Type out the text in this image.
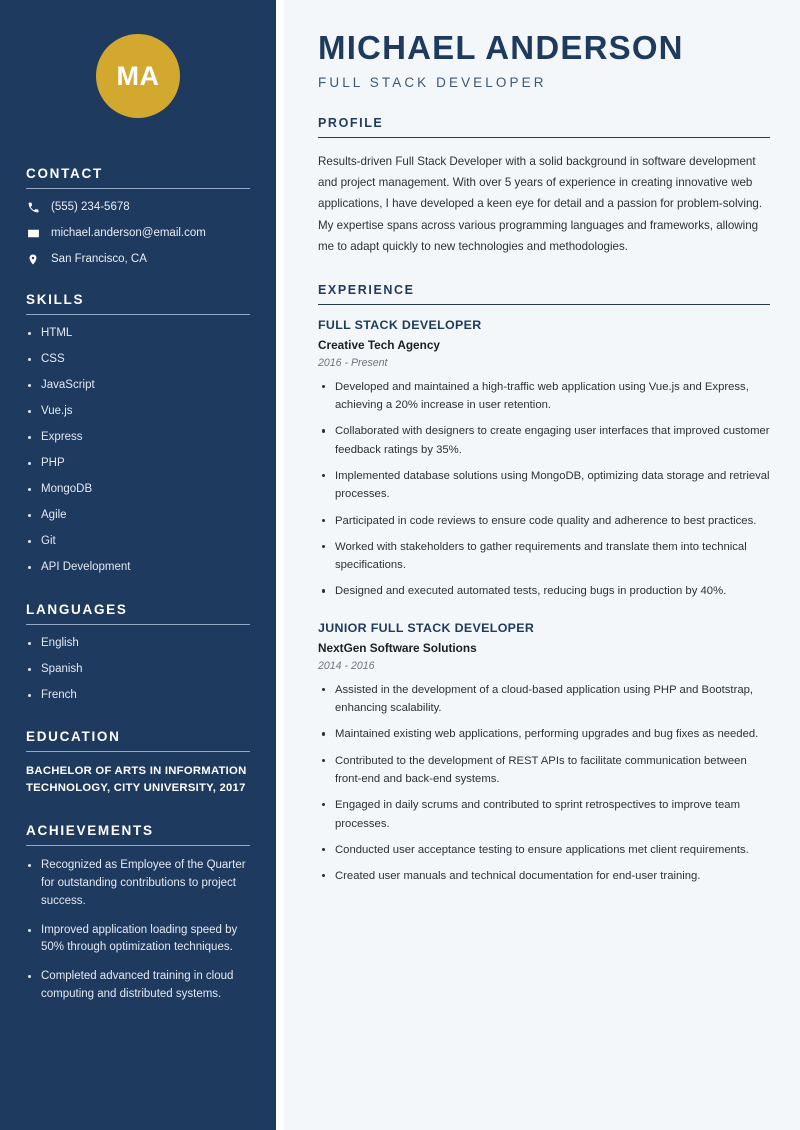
MA
CONTACT
(555) 234-5678
michael.anderson@email.com
San Francisco, CA
SKILLS
HTML
CSS
JavaScript
Vue.js
Express
PHP
MongoDB
Agile
Git
API Development
LANGUAGES
English
Spanish
French
EDUCATION
BACHELOR OF ARTS IN INFORMATION TECHNOLOGY, CITY UNIVERSITY, 2017
ACHIEVEMENTS
Recognized as Employee of the Quarter for outstanding contributions to project success.
Improved application loading speed by 50% through optimization techniques.
Completed advanced training in cloud computing and distributed systems.
MICHAEL ANDERSON
FULL STACK DEVELOPER
PROFILE

Results-driven Full Stack Developer with a solid background in software development and project management. With over 5 years of experience in creating innovative web applications, I have developed a keen eye for detail and a passion for problem-solving. My expertise spans across various programming languages and frameworks, allowing me to adapt quickly to new technologies and methodologies.

EXPERIENCE
FULL STACK DEVELOPER
Creative Tech Agency
2016 - Present
Developed and maintained a high-traffic web application using Vue.js and Express, achieving a 20% increase in user retention.
Collaborated with designers to create engaging user interfaces that improved customer feedback ratings by 35%.
Implemented database solutions using MongoDB, optimizing data storage and retrieval processes.
Participated in code reviews to ensure code quality and adherence to best practices.
Worked with stakeholders to gather requirements and translate them into technical specifications.
Designed and executed automated tests, reducing bugs in production by 40%.
JUNIOR FULL STACK DEVELOPER
NextGen Software Solutions
2014 - 2016
Assisted in the development of a cloud-based application using PHP and Bootstrap, enhancing scalability.
Maintained existing web applications, performing upgrades and bug fixes as needed.
Contributed to the development of REST APIs to facilitate communication between front-end and back-end systems.
Engaged in daily scrums and contributed to sprint retrospectives to improve team processes.
Conducted user acceptance testing to ensure applications met client requirements.
Created user manuals and technical documentation for end-user training.
